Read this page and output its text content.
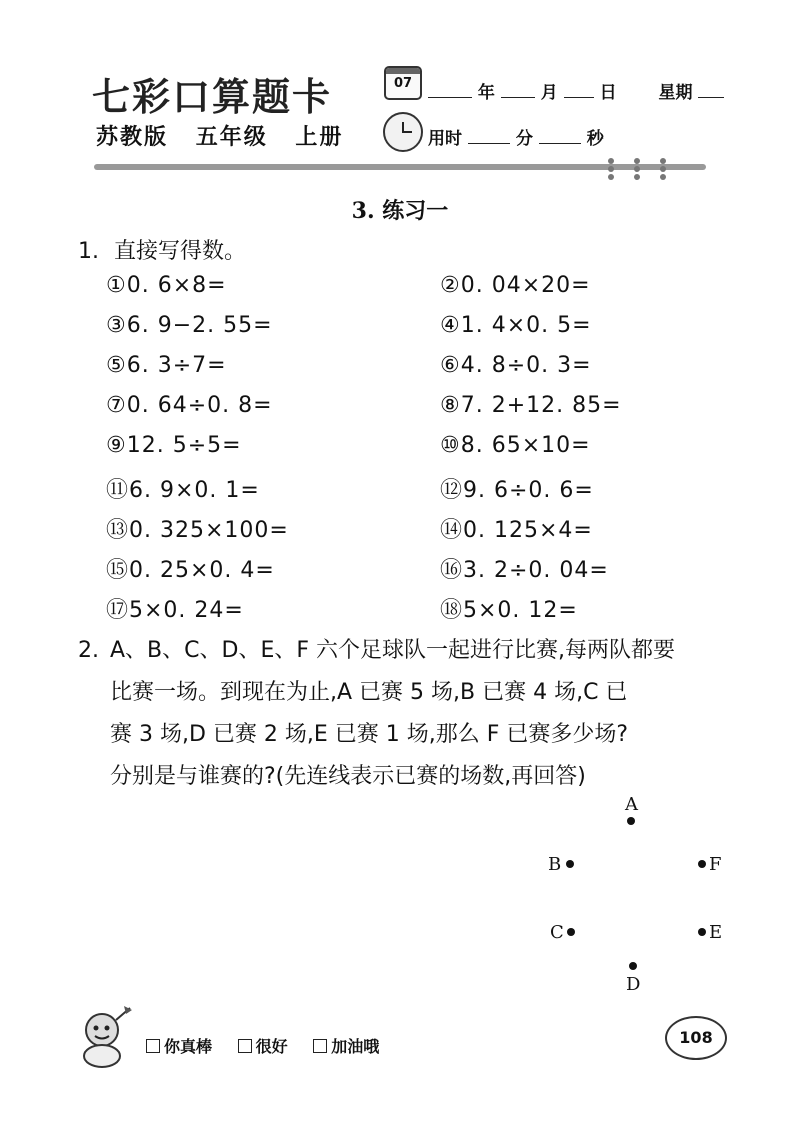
七彩口算题卡
苏教版 五年级 上册
07	年	月 日 星期
用时	分	秒
3. 练习一
1. 直接写得数。
①0. 6×8=	②0. 04×20=
③6. 9−2. 55=	④1. 4×0. 5=
⑤6. 3÷7=	⑥4. 8÷0. 3=
⑦0. 64÷0. 8=	⑧7. 2+12. 85=
⑨12. 5÷5=	⑩8. 65×10=
⑪6. 9×0. 1=	⑫9. 6÷0. 6=
⑬0. 325×100=	⑭0. 125×4=
⑮0. 25×0. 4=	⑯3. 2÷0. 04=
⑰5×0. 24=	⑱5×0. 12=
2. A、B、C、D、E、F 六个足球队一起进行比赛,每两队都要
比赛一场。到现在为止,A 已赛 5 场,B 已赛 4 场,C 已
赛 3 场,D 已赛 2 场,E 已赛 1 场,那么 F 已赛多少场?
分别是与谁赛的?(先连线表示已赛的场数,再回答)
A
B	F
C	E
D
你真棒
	很好
	加油哦	108
